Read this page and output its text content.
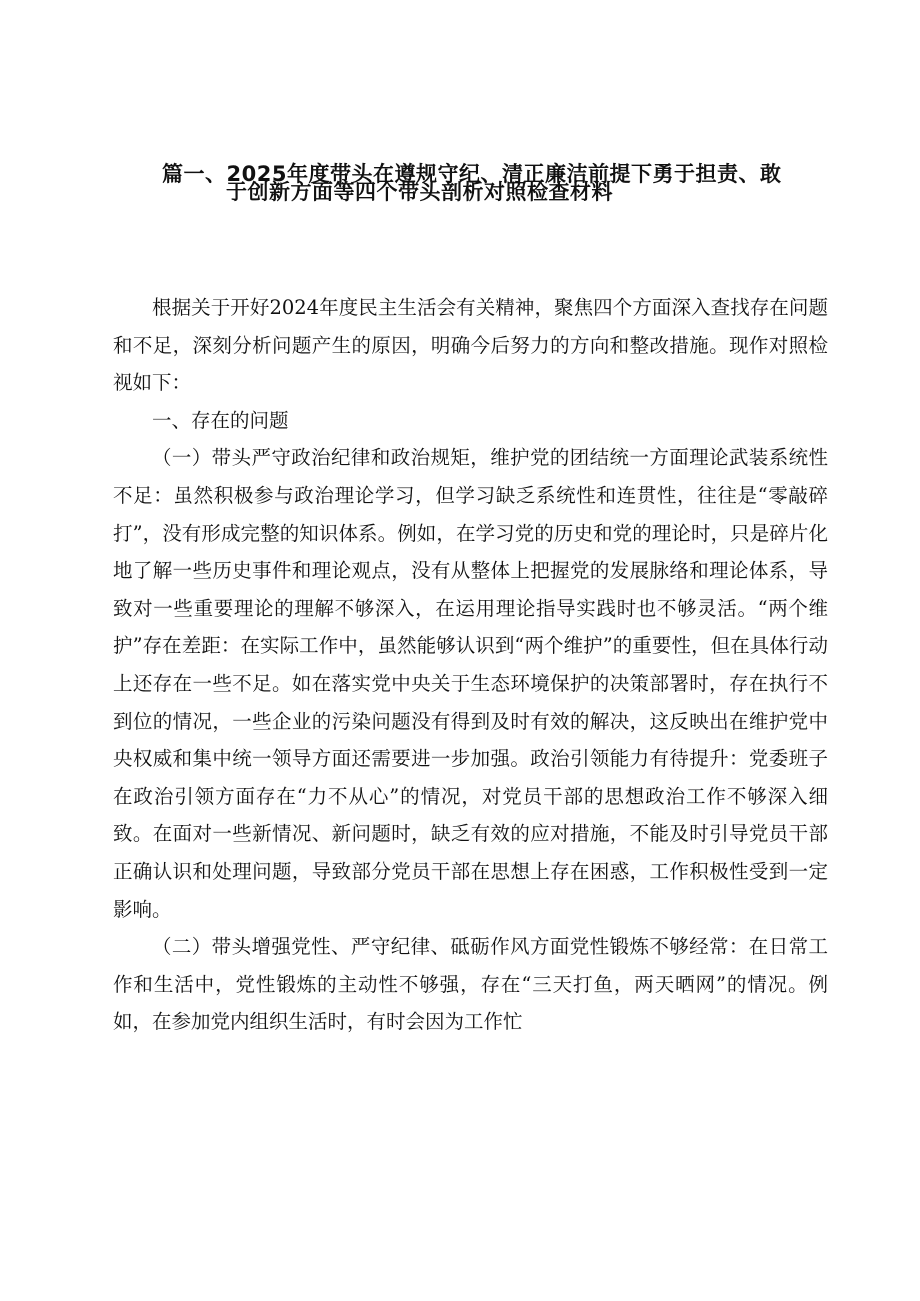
篇一、2025年度带头在遵规守纪、清正廉洁前提下勇于担责、敢
于创新方面等四个带头剖析对照检查材料

根据关于开好2024年度民主生活会有关精神，聚焦四个方面深入查找存在问题和不足，深刻分析问题产生的原因，明确今后努力的方向和整改措施。现作对照检视如下：

一、存在的问题

（一）带头严守政治纪律和政治规矩，维护党的团结统一方面理论武装系统性不足：虽然积极参与政治理论学习，但学习缺乏系统性和连贯性，往往是“零敲碎打”，没有形成完整的知识体系。例如，在学习党的历史和党的理论时，只是碎片化地了解一些历史事件和理论观点，没有从整体上把握党的发展脉络和理论体系，导致对一些重要理论的理解不够深入，在运用理论指导实践时也不够灵活。“两个维护”存在差距：在实际工作中，虽然能够认识到“两个维护”的重要性，但在具体行动上还存在一些不足。如在落实党中央关于生态环境保护的决策部署时，存在执行不到位的情况，一些企业的污染问题没有得到及时有效的解决，这反映出在维护党中央权威和集中统一领导方面还需要进一步加强。政治引领能力有待提升：党委班子在政治引领方面存在“力不从心”的情况，对党员干部的思想政治工作不够深入细致。在面对一些新情况、新问题时，缺乏有效的应对措施，不能及时引导党员干部正确认识和处理问题，导致部分党员干部在思想上存在困惑，工作积极性受到一定影响。

（二）带头增强党性、严守纪律、砥砺作风方面党性锻炼不够经常：在日常工作和生活中，党性锻炼的主动性不够强，存在“三天打鱼，两天晒网”的情况。例如，在参加党内组织生活时，有时会因为工作忙
